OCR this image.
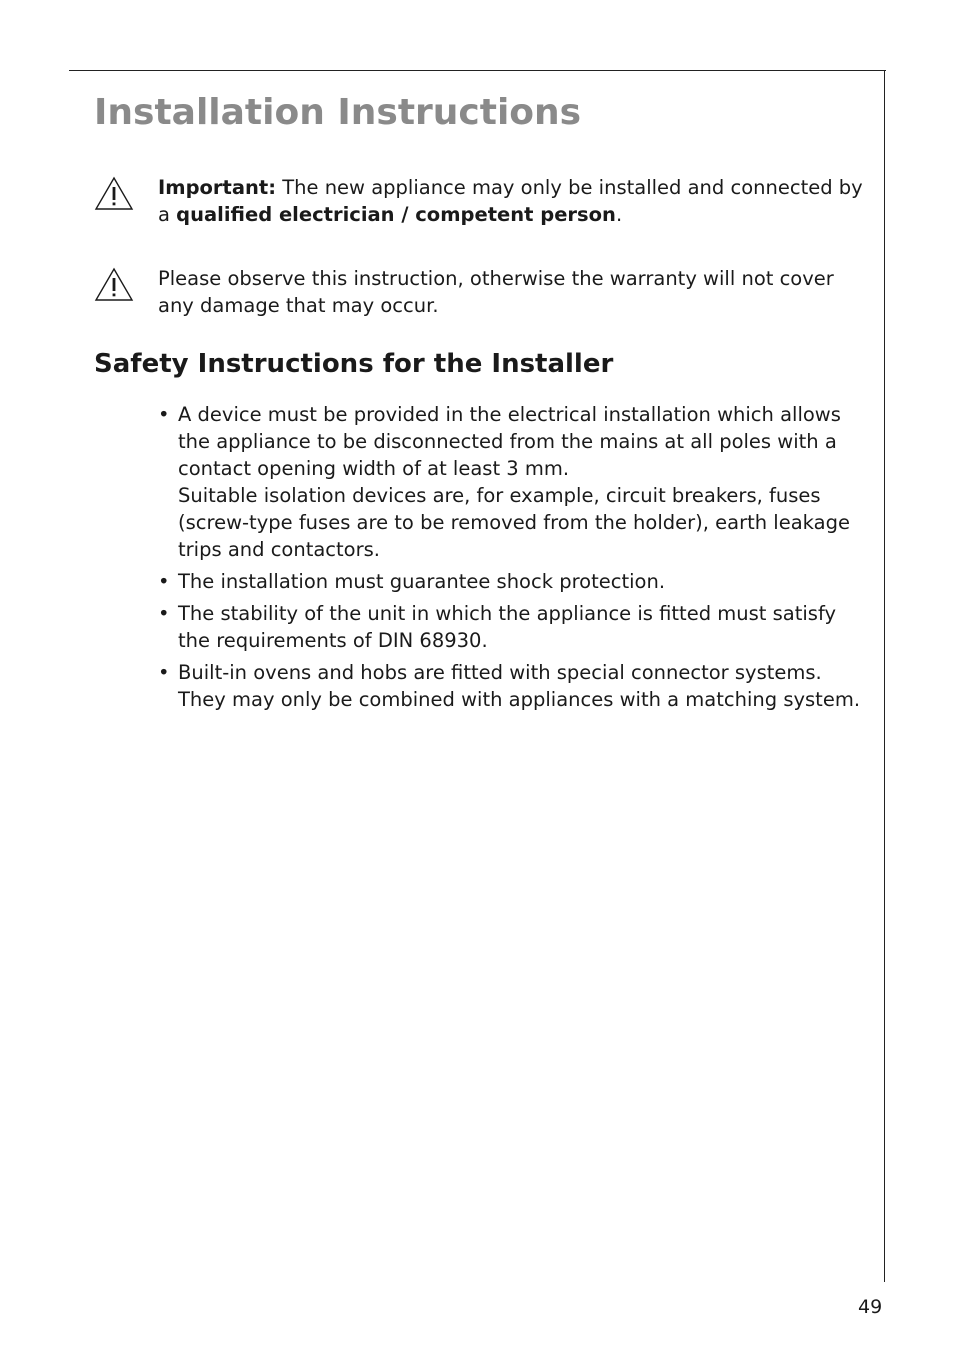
Installation Instructions
Important: The new appliance may only be installed and connected by
a qualified electrician / competent person.
Please observe this instruction, otherwise the warranty will not cover
any damage that may occur.
Safety Instructions for the Installer
• A device must be provided in the electrical installation which allows
the appliance to be disconnected from the mains at all poles with a
contact opening width of at least 3 mm.
Suitable isolation devices are, for example, circuit breakers, fuses
(screw-type fuses are to be removed from the holder), earth leakage
trips and contactors.
• The installation must guarantee shock protection.
• The stability of the unit in which the appliance is fitted must satisfy
the requirements of DIN 68930.
• Built-in ovens and hobs are fitted with special connector systems.
They may only be combined with appliances with a matching system.
49
